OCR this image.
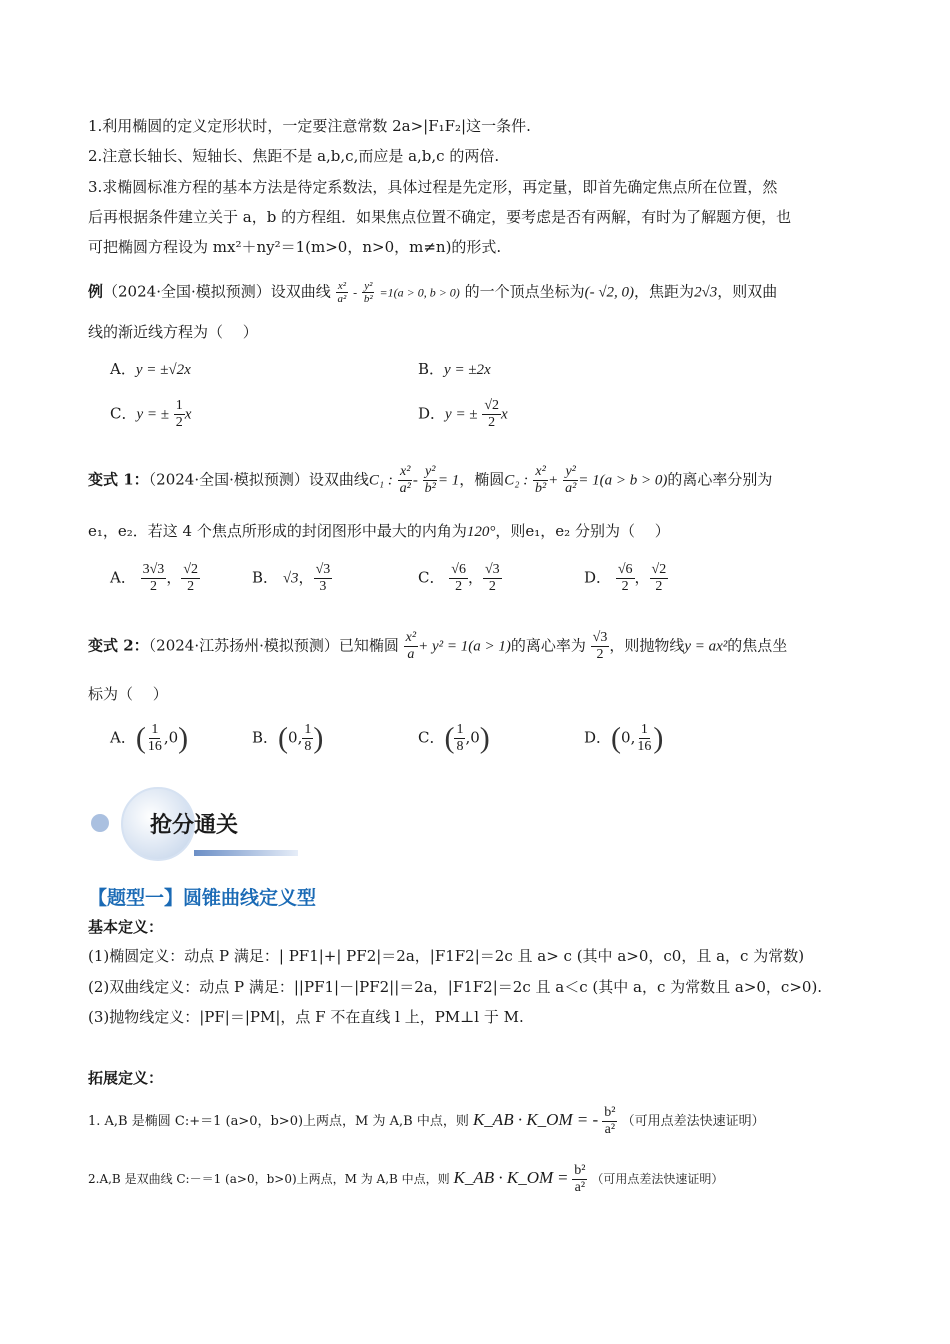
1.利用椭圆的定义定形状时，一定要注意常数 2a>|F₁F₂|这一条件.
2.注意长轴长、短轴长、焦距不是 a,b,c,而应是 a,b,c 的两倍.
3.求椭圆标准方程的基本方法是待定系数法，具体过程是先定形，再定量，即首先确定焦点所在位置，然
后再根据条件建立关于 a，b 的方程组．如果焦点位置不确定，要考虑是否有两解，有时为了解题方便，也
可把椭圆方程设为 mx²＋ny²＝1(m>0，n>0，m≠n)的形式.
例（2024·全国·模拟预测）设双曲线 $\frac{\text{x²}}{\text{a²}} - \frac{\text{y²}}{\text{b²}} =1(a > 0$, b > 0) 的一个顶点坐标为(- √2, 0)，焦距为2√3，则双曲
线的渐近线方程为（　 ）
A．y = ±√2x	B．y = ±2x
C．y = ± $\frac{1}{2}$ x	D．y = ± $\frac{√2}{2}$ x
变式 1：（2024·全国·模拟预测）设双曲线C₁ : $\frac{\text{x²}}{\text{a²}} - \frac{\text{y²}}{\text{b²}} = 1$，椭圆C₂ : $\frac{\text{x²}}{\text{b²}} + \frac{\text{y²}}{\text{a²}} = 1(a > b > 0)$的离心率分别为
e₁，e₂．若这 4 个焦点所形成的封闭图形中最大的内角为120°，则e₁，e₂ 分别为（　 ）
A． $\frac{3√3}{2}$ ， $\frac{√2}{2}$	B． √3， $\frac{√3}{3}$	C． $\frac{√6}{2}$ ， $\frac{√3}{2}$	D． $\frac{√6}{2}$ ， $\frac{√2}{2}$
变式 2：（2024·江苏扬州·模拟预测）已知椭圆 $\frac{\text{x²}}{a} + y^2 = 1(a > 1)$的离心率为 $\frac{√3}{2}$ ，则抛物线y = ax²的焦点坐
标为（　 ）
A．( $\frac{1}{16} ,0$)	B．(0, $\frac{1}{8}$ )	C．( $\frac{1}{8} ,0$)	D．(0, $\frac{1}{16}$ )
抢分通关
【题型一】圆锥曲线定义型
基本定义：
(1)椭圆定义：动点 P 满足：| PF1|+| PF2|＝2a，|F1F2|＝2c 且 a> c (其中 a>0，c0，且 a，c 为常数)
(2)双曲线定义：动点 P 满足：||PF1|－|PF2||＝2a，|F1F2|＝2c 且 a＜c (其中 a，c 为常数且 a>0，c>0).
(3)抛物线定义：|PF|＝|PM|，点 F 不在直线 l 上，PM⊥l 于 M.
拓展定义：
1. A,B 是椭圆 C:+＝1 (a>0，b>0)上两点，M 为 A,B 中点，则 K_AB · K_OM = - $\frac{\text{b²}}{\text{a²}}$ （可用点差法快速证明）
2.A,B 是双曲线 C:－＝1 (a>0，b>0)上两点，M 为 A,B 中点，则 K_AB · K_OM = $\frac{\text{b²}}{\text{a²}}$ （可用点差法快速证明）
